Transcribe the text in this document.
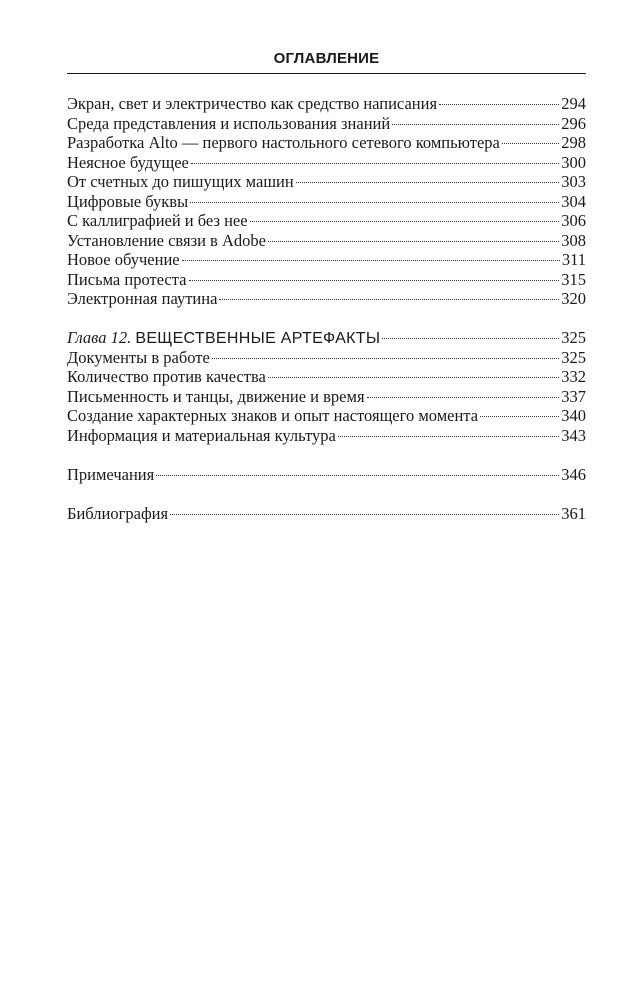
ОГЛАВЛЕНИЕ
Экран, свет и электричество как средство написания	294
Среда представления и использования знаний	296
Разработка Alto — первого настольного сетевого компьютера	298
Неясное будущее	300
От счетных до пишущих машин	303
Цифровые буквы	304
С каллиграфией и без нее	306
Установление связи в Adobe	308
Новое обучение	311
Письма протеста	315
Электронная паутина	320
Глава 12. ВЕЩЕСТВЕННЫЕ АРТЕФАКТЫ	325
Документы в работе	325
Количество против качества	332
Письменность и танцы, движение и время	337
Создание характерных знаков и опыт настоящего момента	340
Информация и материальная культура	343
Примечания	346
Библиография	361
